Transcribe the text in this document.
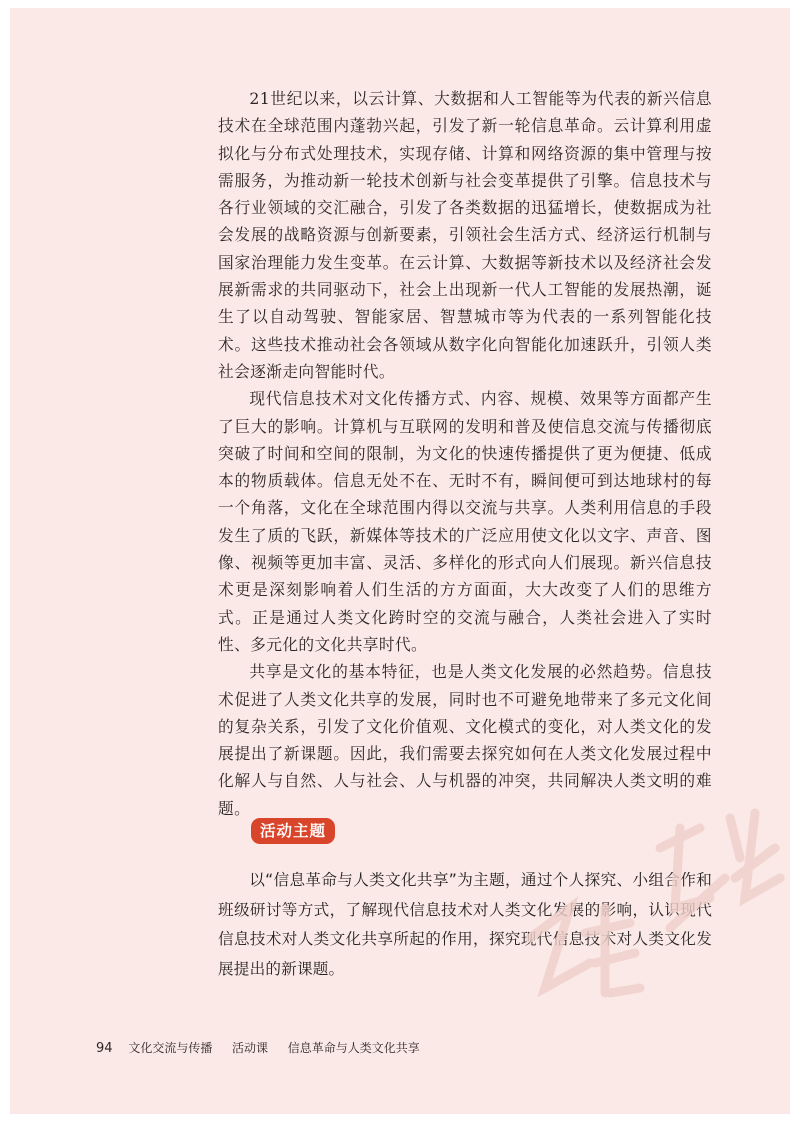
21世纪以来，以云计算、大数据和人工智能等为代表的新兴信息技术在全球范围内蓬勃兴起，引发了新一轮信息革命。云计算利用虚拟化与分布式处理技术，实现存储、计算和网络资源的集中管理与按需服务，为推动新一轮技术创新与社会变革提供了引擎。信息技术与各行业领域的交汇融合，引发了各类数据的迅猛增长，使数据成为社会发展的战略资源与创新要素，引领社会生活方式、经济运行机制与国家治理能力发生变革。在云计算、大数据等新技术以及经济社会发展新需求的共同驱动下，社会上出现新一代人工智能的发展热潮，诞生了以自动驾驶、智能家居、智慧城市等为代表的一系列智能化技术。这些技术推动社会各领域从数字化向智能化加速跃升，引领人类社会逐渐走向智能时代。

现代信息技术对文化传播方式、内容、规模、效果等方面都产生了巨大的影响。计算机与互联网的发明和普及使信息交流与传播彻底突破了时间和空间的限制，为文化的快速传播提供了更为便捷、低成本的物质载体。信息无处不在、无时不有，瞬间便可到达地球村的每一个角落，文化在全球范围内得以交流与共享。人类利用信息的手段发生了质的飞跃，新媒体等技术的广泛应用使文化以文字、声音、图像、视频等更加丰富、灵活、多样化的形式向人们展现。新兴信息技术更是深刻影响着人们生活的方方面面，大大改变了人们的思维方式。正是通过人类文化跨时空的交流与融合，人类社会进入了实时性、多元化的文化共享时代。

共享是文化的基本特征，也是人类文化发展的必然趋势。信息技术促进了人类文化共享的发展，同时也不可避免地带来了多元文化间的复杂关系，引发了文化价值观、文化模式的变化，对人类文化的发展提出了新课题。因此，我们需要去探究如何在人类文化发展过程中化解人与自然、人与社会、人与机器的冲突，共同解决人类文明的难题。

活动主题

以“信息革命与人类文化共享”为主题，通过个人探究、小组合作和班级研讨等方式，了解现代信息技术对人类文化发展的影响，认识现代信息技术对人类文化共享所起的作用，探究现代信息技术对人类文化发展提出的新课题。

94 文化交流与传播 活动课 信息革命与人类文化共享
